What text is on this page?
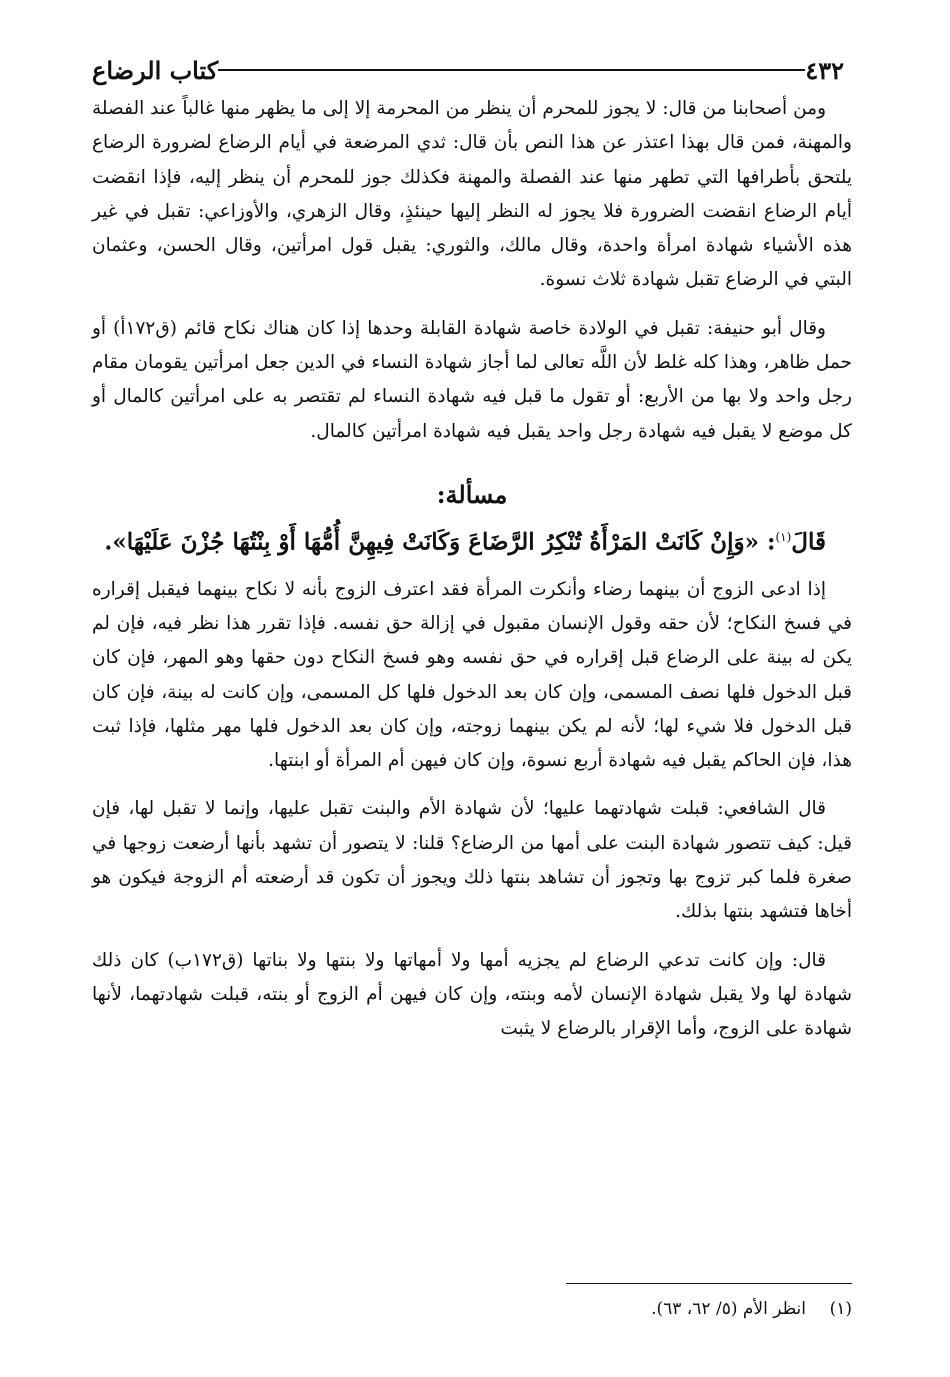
٤٣٢
كتاب الرضاع

ومن أصحابنا من قال: لا يجوز للمحرم أن ينظر من المحرمة إلا إلى ما يظهر منها غالباً عند الفصلة والمهنة، فمن قال بهذا اعتذر عن هذا النص بأن قال: ثدي المرضعة في أيام الرضاع لضرورة الرضاع يلتحق بأطرافها التي تطهر منها عند الفصلة والمهنة فكذلك جوز للمحرم أن ينظر إليه، فإذا انقضت أيام الرضاع انقضت الضرورة فلا يجوز له النظر إليها حينئذٍ، وقال الزهري، والأوزاعي: تقبل في غير هذه الأشياء شهادة امرأة واحدة، وقال مالك، والثوري: يقبل قول امرأتين، وقال الحسن، وعثمان البتي في الرضاع تقبل شهادة ثلاث نسوة.

وقال أبو حنيفة: تقبل في الولادة خاصة شهادة القابلة وحدها إذا كان هناك نكاح قائم (ق١٧٢أ) أو حمل ظاهر، وهذا كله غلط لأن اللَّه تعالى لما أجاز شهادة النساء في الدين جعل امرأتين يقومان مقام رجل واحد ولا بها من الأربع: أو تقول ما قبل فيه شهادة النساء لم تقتصر به على امرأتين كالمال أو كل موضع لا يقبل فيه شهادة رجل واحد يقبل فيه شهادة امرأتين كالمال.

مسألة:

قَالَ$^{(١)}$: «وَإِنْ كَانَتْ المَرْأَةُ تُنْكِرُ الرَّضَاعَ وَكَانَتْ فِيهِنَّ أُمُّهَا أَوْ بِنْتُهَا جُزْنَ عَلَيْهَا».

إذا ادعى الزوج أن بينهما رضاء وأنكرت المرأة فقد اعترف الزوج بأنه لا نكاح بينهما فيقبل إقراره في فسخ النكاح؛ لأن حقه وقول الإنسان مقبول في إزالة حق نفسه. فإذا تقرر هذا نظر فيه، فإن لم يكن له بينة على الرضاع قبل إقراره في حق نفسه وهو فسخ النكاح دون حقها وهو المهر، فإن كان قبل الدخول فلها نصف المسمى، وإن كان بعد الدخول فلها كل المسمى، وإن كانت له بينة، فإن كان قبل الدخول فلا شيء لها؛ لأنه لم يكن بينهما زوجته، وإن كان بعد الدخول فلها مهر مثلها، فإذا ثبت هذا، فإن الحاكم يقبل فيه شهادة أربع نسوة، وإن كان فيهن أم المرأة أو ابنتها.

قال الشافعي: قبلت شهادتهما عليها؛ لأن شهادة الأم والبنت تقبل عليها، وإنما لا تقبل لها، فإن قيل: كيف تتصور شهادة البنت على أمها من الرضاع؟ قلنا: لا يتصور أن تشهد بأنها أرضعت زوجها في صغرة فلما كبر تزوج بها وتجوز أن تشاهد بنتها ذلك ويجوز أن تكون قد أرضعته أم الزوجة فيكون هو أخاها فتشهد بنتها بذلك.

قال: وإن كانت تدعي الرضاع لم يجزيه أمها ولا أمهاتها ولا بنتها ولا بناتها (ق١٧٢ب) كان ذلك شهادة لها ولا يقبل شهادة الإنسان لأمه وبنته، وإن كان فيهن أم الزوج أو بنته، قبلت شهادتهما، لأنها شهادة على الزوج، وأما الإقرار بالرضاع لا يثبت

(١)انظر الأم (٥/ ٦٢، ٦٣).
